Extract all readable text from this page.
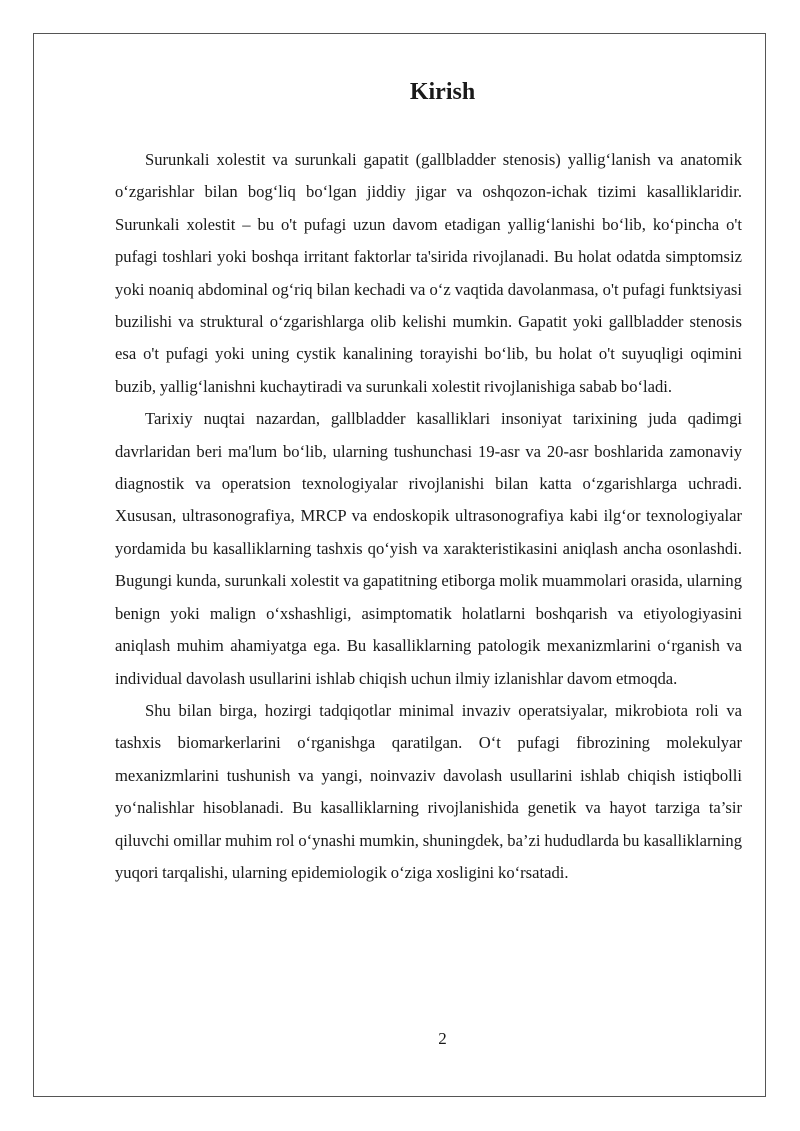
Kirish

Surunkali xolestit va surunkali gapatit (gallbladder stenosis) yallig‘lanish va anatomik o‘zgarishlar bilan bog‘liq bo‘lgan jiddiy jigar va oshqozon-ichak tizimi kasalliklaridir. Surunkali xolestit – bu o't pufagi uzun davom etadigan yallig‘lanishi bo‘lib, ko‘pincha o't pufagi toshlari yoki boshqa irritant faktorlar ta'sirida rivojlanadi. Bu holat odatda simptomsiz yoki noaniq abdominal og‘riq bilan kechadi va o‘z vaqtida davolanmasa, o't pufagi funktsiyasi buzilishi va struktural o‘zgarishlarga olib kelishi mumkin. Gapatit yoki gallbladder stenosis esa o't pufagi yoki uning cystik kanalining torayishi bo‘lib, bu holat o't suyuqligi oqimini buzib, yallig‘lanishni kuchaytiradi va surunkali xolestit rivojlanishiga sabab bo‘ladi.

Tarixiy nuqtai nazardan, gallbladder kasalliklari insoniyat tarixining juda qadimgi davrlaridan beri ma'lum bo‘lib, ularning tushunchasi 19-asr va 20-asr boshlarida zamonaviy diagnostik va operatsion texnologiyalar rivojlanishi bilan katta o‘zgarishlarga uchradi. Xususan, ultrasonografiya, MRCP va endoskopik ultrasonografiya kabi ilg‘or texnologiyalar yordamida bu kasalliklarning tashxis qo‘yish va xarakteristikasini aniqlash ancha osonlashdi. Bugungi kunda, surunkali xolestit va gapatitning etiborga molik muammolari orasida, ularning benign yoki malign o‘xshashligi, asimptomatik holatlarni boshqarish va etiyologiyasini aniqlash muhim ahamiyatga ega. Bu kasalliklarning patologik mexanizmlarini o‘rganish va individual davolash usullarini ishlab chiqish uchun ilmiy izlanishlar davom etmoqda.

Shu bilan birga, hozirgi tadqiqotlar minimal invaziv operatsiyalar, mikrobiota roli va tashxis biomarkerlarini o‘rganishga qaratilgan. O‘t pufagi fibrozining molekulyar mexanizmlarini tushunish va yangi, noinvaziv davolash usullarini ishlab chiqish istiqbolli yo‘nalishlar hisoblanadi. Bu kasalliklarning rivojlanishida genetik va hayot tarziga ta’sir qiluvchi omillar muhim rol o‘ynashi mumkin, shuningdek, ba’zi hududlarda bu kasalliklarning yuqori tarqalishi, ularning epidemiologik o‘ziga xosligini ko‘rsatadi.

2
